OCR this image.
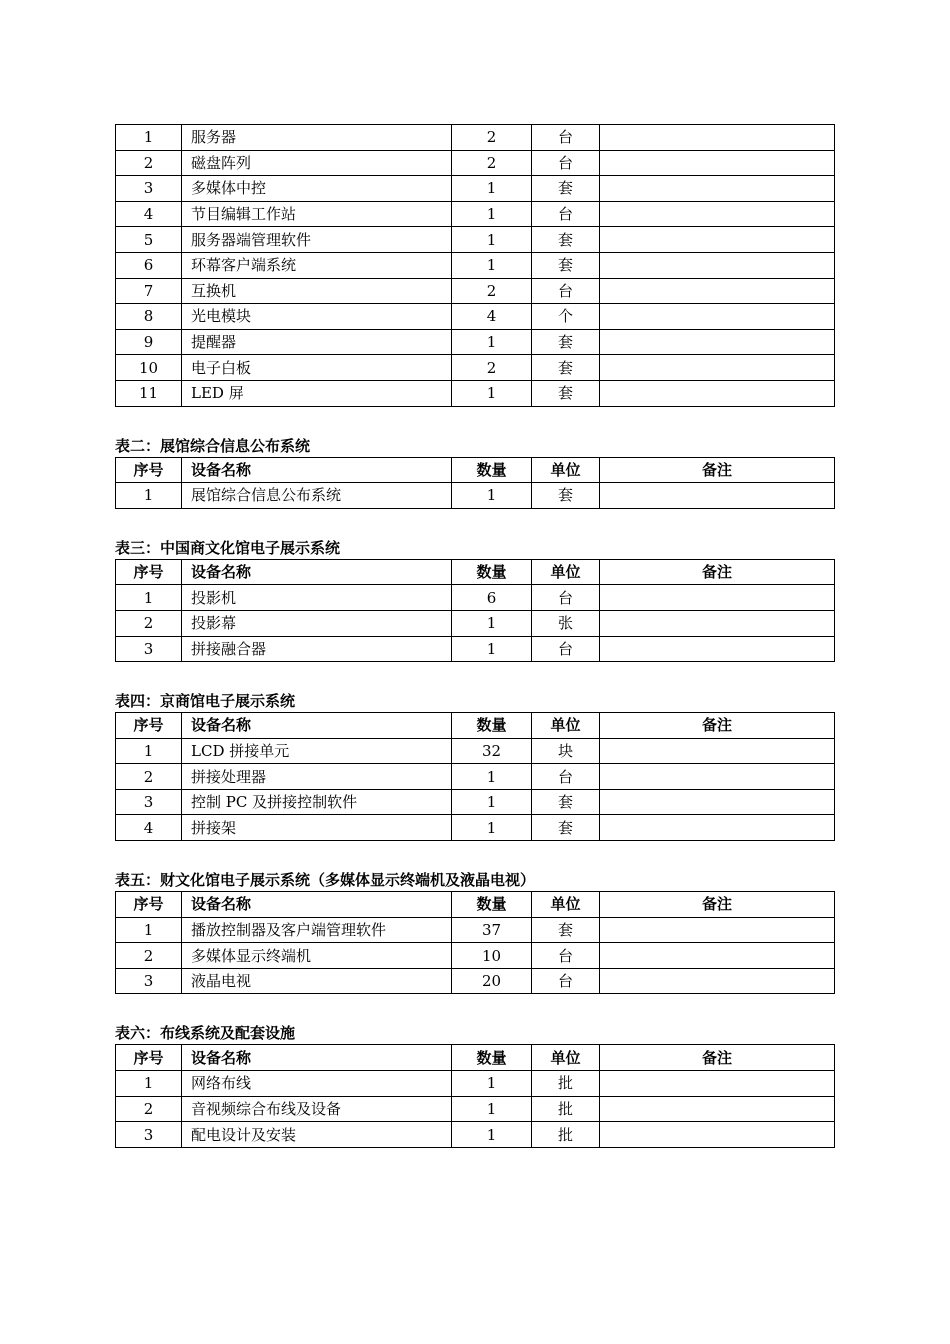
1	服务器	2	台	
2	磁盘阵列	2	台	
3	多媒体中控	1	套	
4	节目编辑工作站	1	台	
5	服务器端管理软件	1	套	
6	环幕客户端系统	1	套	
7	互换机	2	台	
8	光电模块	4	个	
9	提醒器	1	套	
10	电子白板	2	套	
11	LED 屏	1	套	

表二：展馆综合信息公布系统

序号	设备名称	数量	单位	备注
1	展馆综合信息公布系统	1	套	

表三：中国商文化馆电子展示系统

序号	设备名称	数量	单位	备注
1	投影机	6	台	
2	投影幕	1	张	
3	拼接融合器	1	台	

表四：京商馆电子展示系统

序号	设备名称	数量	单位	备注
1	LCD 拼接单元	32	块	
2	拼接处理器	1	台	
3	控制 PC 及拼接控制软件	1	套	
4	拼接架	1	套	

表五：财文化馆电子展示系统（多媒体显示终端机及液晶电视）

序号	设备名称	数量	单位	备注
1	播放控制器及客户端管理软件	37	套	
2	多媒体显示终端机	10	台	
3	液晶电视	20	台	

表六：布线系统及配套设施

序号	设备名称	数量	单位	备注
1	网络布线	1	批	
2	音视频综合布线及设备	1	批	
3	配电设计及安装	1	批	
